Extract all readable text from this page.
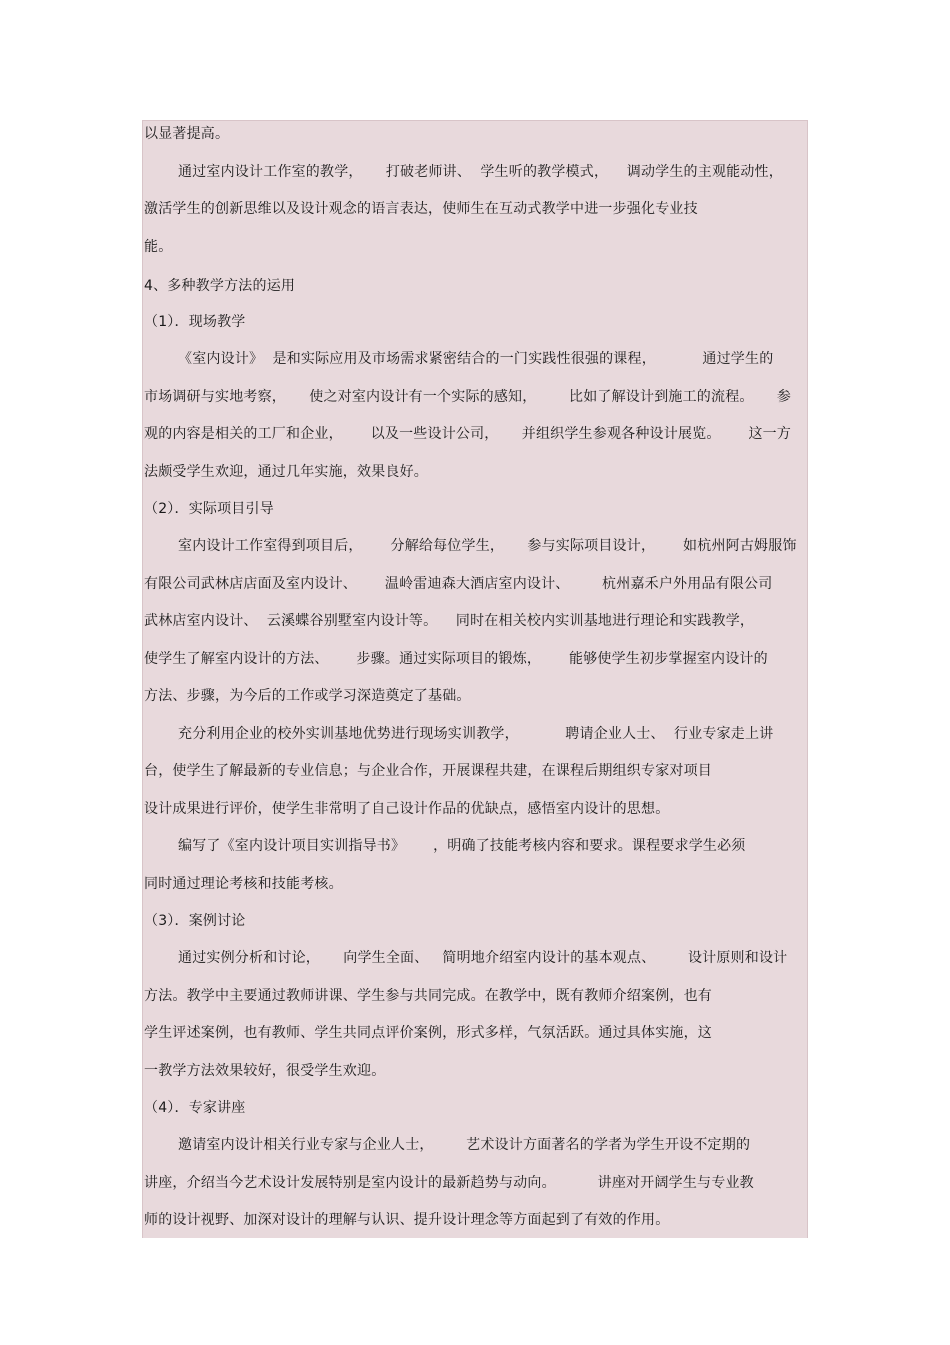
以显著提高。
通过室内设计工作室的教学，     打破老师讲、  学生听的教学模式，    调动学生的主观能动性，
激活学生的创新思维以及设计观念的语言表达，使师生在互动式教学中进一步强化专业技
能。
4、多种教学方法的运用
（1）．现场教学
《室内设计》  是和实际应用及市场需求紧密结合的一门实践性很强的课程，          通过学生的
市场调研与实地考察，     使之对室内设计有一个实际的感知，       比如了解设计到施工的流程。     参
观的内容是相关的工厂和企业，      以及一些设计公司，     并组织学生参观各种设计展览。      这一方
法颇受学生欢迎，通过几年实施，效果良好。
（2）．实际项目引导
室内设计工作室得到项目后，      分解给每位学生，     参与实际项目设计，      如杭州阿古姆服饰
有限公司武林店店面及室内设计、      温岭雷迪森大酒店室内设计、       杭州嘉禾户外用品有限公司
武林店室内设计、  云溪蝶谷别墅室内设计等。    同时在相关校内实训基地进行理论和实践教学，
使学生了解室内设计的方法、      步骤。通过实际项目的锻炼，      能够使学生初步掌握室内设计的
方法、步骤，为今后的工作或学习深造奠定了基础。
充分利用企业的校外实训基地优势进行现场实训教学，          聘请企业人士、  行业专家走上讲
台，使学生了解最新的专业信息；与企业合作，开展课程共建，在课程后期组织专家对项目
设计成果进行评价，使学生非常明了自己设计作品的优缺点，感悟室内设计的思想。
编写了《室内设计项目实训指导书》      ，明确了技能考核内容和要求。课程要求学生必须
同时通过理论考核和技能考核。
（3）．案例讨论
通过实例分析和讨论，     向学生全面、   简明地介绍室内设计的基本观点、       设计原则和设计
方法。教学中主要通过教师讲课、学生参与共同完成。在教学中，既有教师介绍案例，也有
学生评述案例，也有教师、学生共同点评价案例，形式多样，气氛活跃。通过具体实施，这
一教学方法效果较好，很受学生欢迎。
（4）．专家讲座
邀请室内设计相关行业专家与企业人士，       艺术设计方面著名的学者为学生开设不定期的
讲座，介绍当今艺术设计发展特别是室内设计的最新趋势与动向。         讲座对开阔学生与专业教
师的设计视野、加深对设计的理解与认识、提升设计理念等方面起到了有效的作用。
